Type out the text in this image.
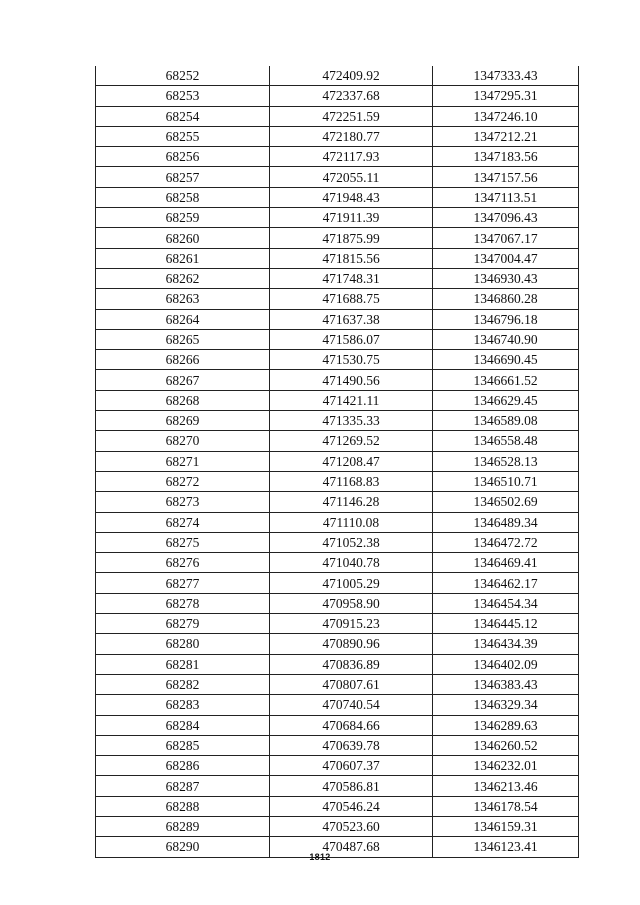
68252	472409.92	1347333.43
68253	472337.68	1347295.31
68254	472251.59	1347246.10
68255	472180.77	1347212.21
68256	472117.93	1347183.56
68257	472055.11	1347157.56
68258	471948.43	1347113.51
68259	471911.39	1347096.43
68260	471875.99	1347067.17
68261	471815.56	1347004.47
68262	471748.31	1346930.43
68263	471688.75	1346860.28
68264	471637.38	1346796.18
68265	471586.07	1346740.90
68266	471530.75	1346690.45
68267	471490.56	1346661.52
68268	471421.11	1346629.45
68269	471335.33	1346589.08
68270	471269.52	1346558.48
68271	471208.47	1346528.13
68272	471168.83	1346510.71
68273	471146.28	1346502.69
68274	471110.08	1346489.34
68275	471052.38	1346472.72
68276	471040.78	1346469.41
68277	471005.29	1346462.17
68278	470958.90	1346454.34
68279	470915.23	1346445.12
68280	470890.96	1346434.39
68281	470836.89	1346402.09
68282	470807.61	1346383.43
68283	470740.54	1346329.34
68284	470684.66	1346289.63
68285	470639.78	1346260.52
68286	470607.37	1346232.01
68287	470586.81	1346213.46
68288	470546.24	1346178.54
68289	470523.60	1346159.31
68290	470487.68	1346123.41
1812
